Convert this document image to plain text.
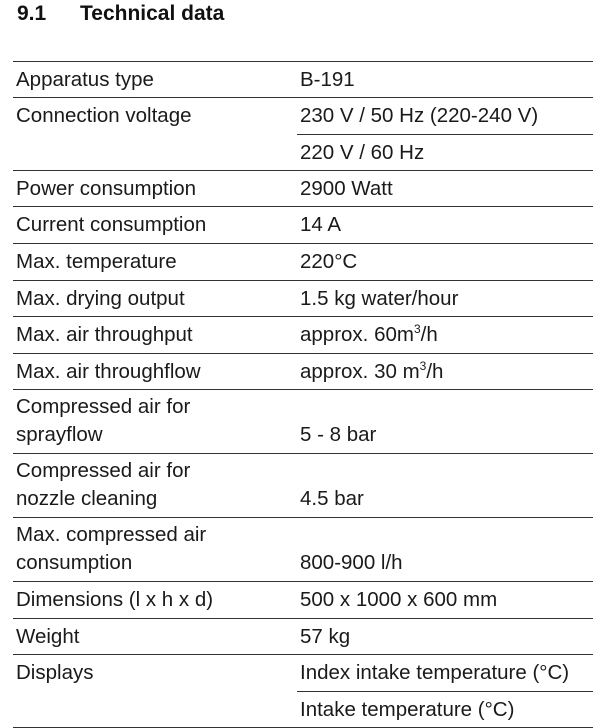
9.1 Technical data
Apparatus type	B-191
Connection voltage	230 V / 50 Hz (220-240 V)
220 V / 60 Hz
Power consumption	2900 Watt
Current consumption	14 A
Max. temperature	220°C
Max. drying output	1.5 kg water/hour
Max. air throughput	approx. $60m^3/h$
Max. air throughflow	approx. 30 $m^3/h$
Compressed air for
sprayflow	5 - 8 bar
Compressed air for
nozzle cleaning	4.5 bar
Max. compressed air
consumption	800-900 l/h
Dimensions (l x h x d)	500 x 1000 x 600 mm
Weight	57 kg
Displays	Index intake temperature (°C)
Intake temperature (°C)
